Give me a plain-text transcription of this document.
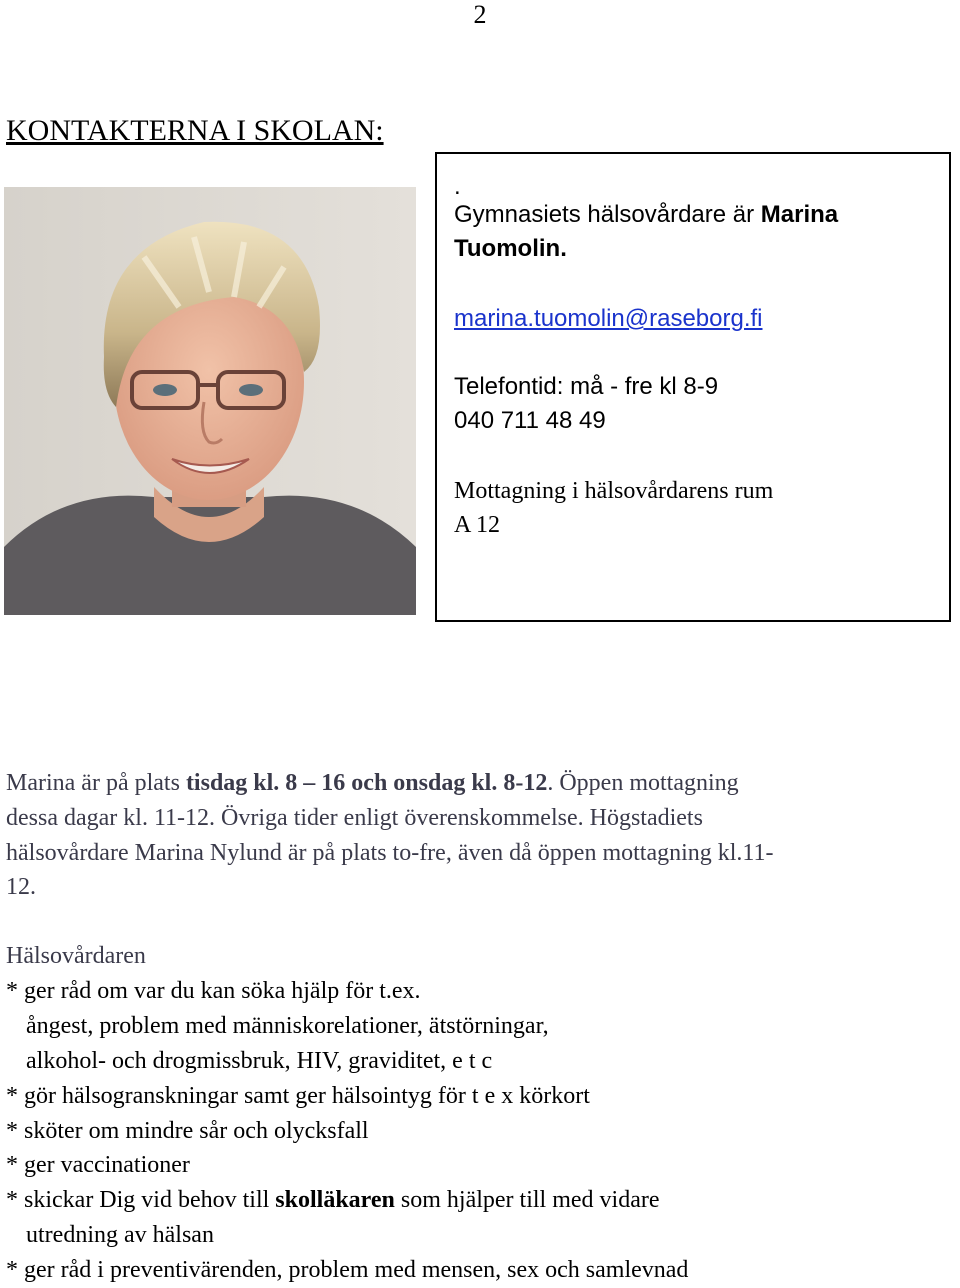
2
KONTAKTERNA I SKOLAN:

.

Gymnasiets hälsovårdare är Marina

Tuomolin.

marina.tuomolin@raseborg.fi

Telefontid: må - fre kl 8-9

040 711 48 49

Mottagning i hälsovårdarens rum

A 12

Marina är på plats tisdag kl. 8 – 16 och onsdag kl. 8-12. Öppen mottagning

dessa dagar kl. 11-12. Övriga tider enligt överenskommelse. Högstadiets

hälsovårdare Marina Nylund är på plats to-fre, även då öppen mottagning kl.11-

12.

Hälsovårdaren

* ger råd om var du kan söka hjälp för t.ex.

ångest, problem med människorelationer, ätstörningar,

alkohol- och drogmissbruk, HIV, graviditet, e t c

* gör hälsogranskningar samt ger hälsointyg för t e x körkort

* sköter om mindre sår och olycksfall

* ger vaccinationer

* skickar Dig vid behov till skolläkaren som hjälper till med vidare

utredning av hälsan

* ger råd i preventivärenden, problem med mensen, sex och samlevnad
